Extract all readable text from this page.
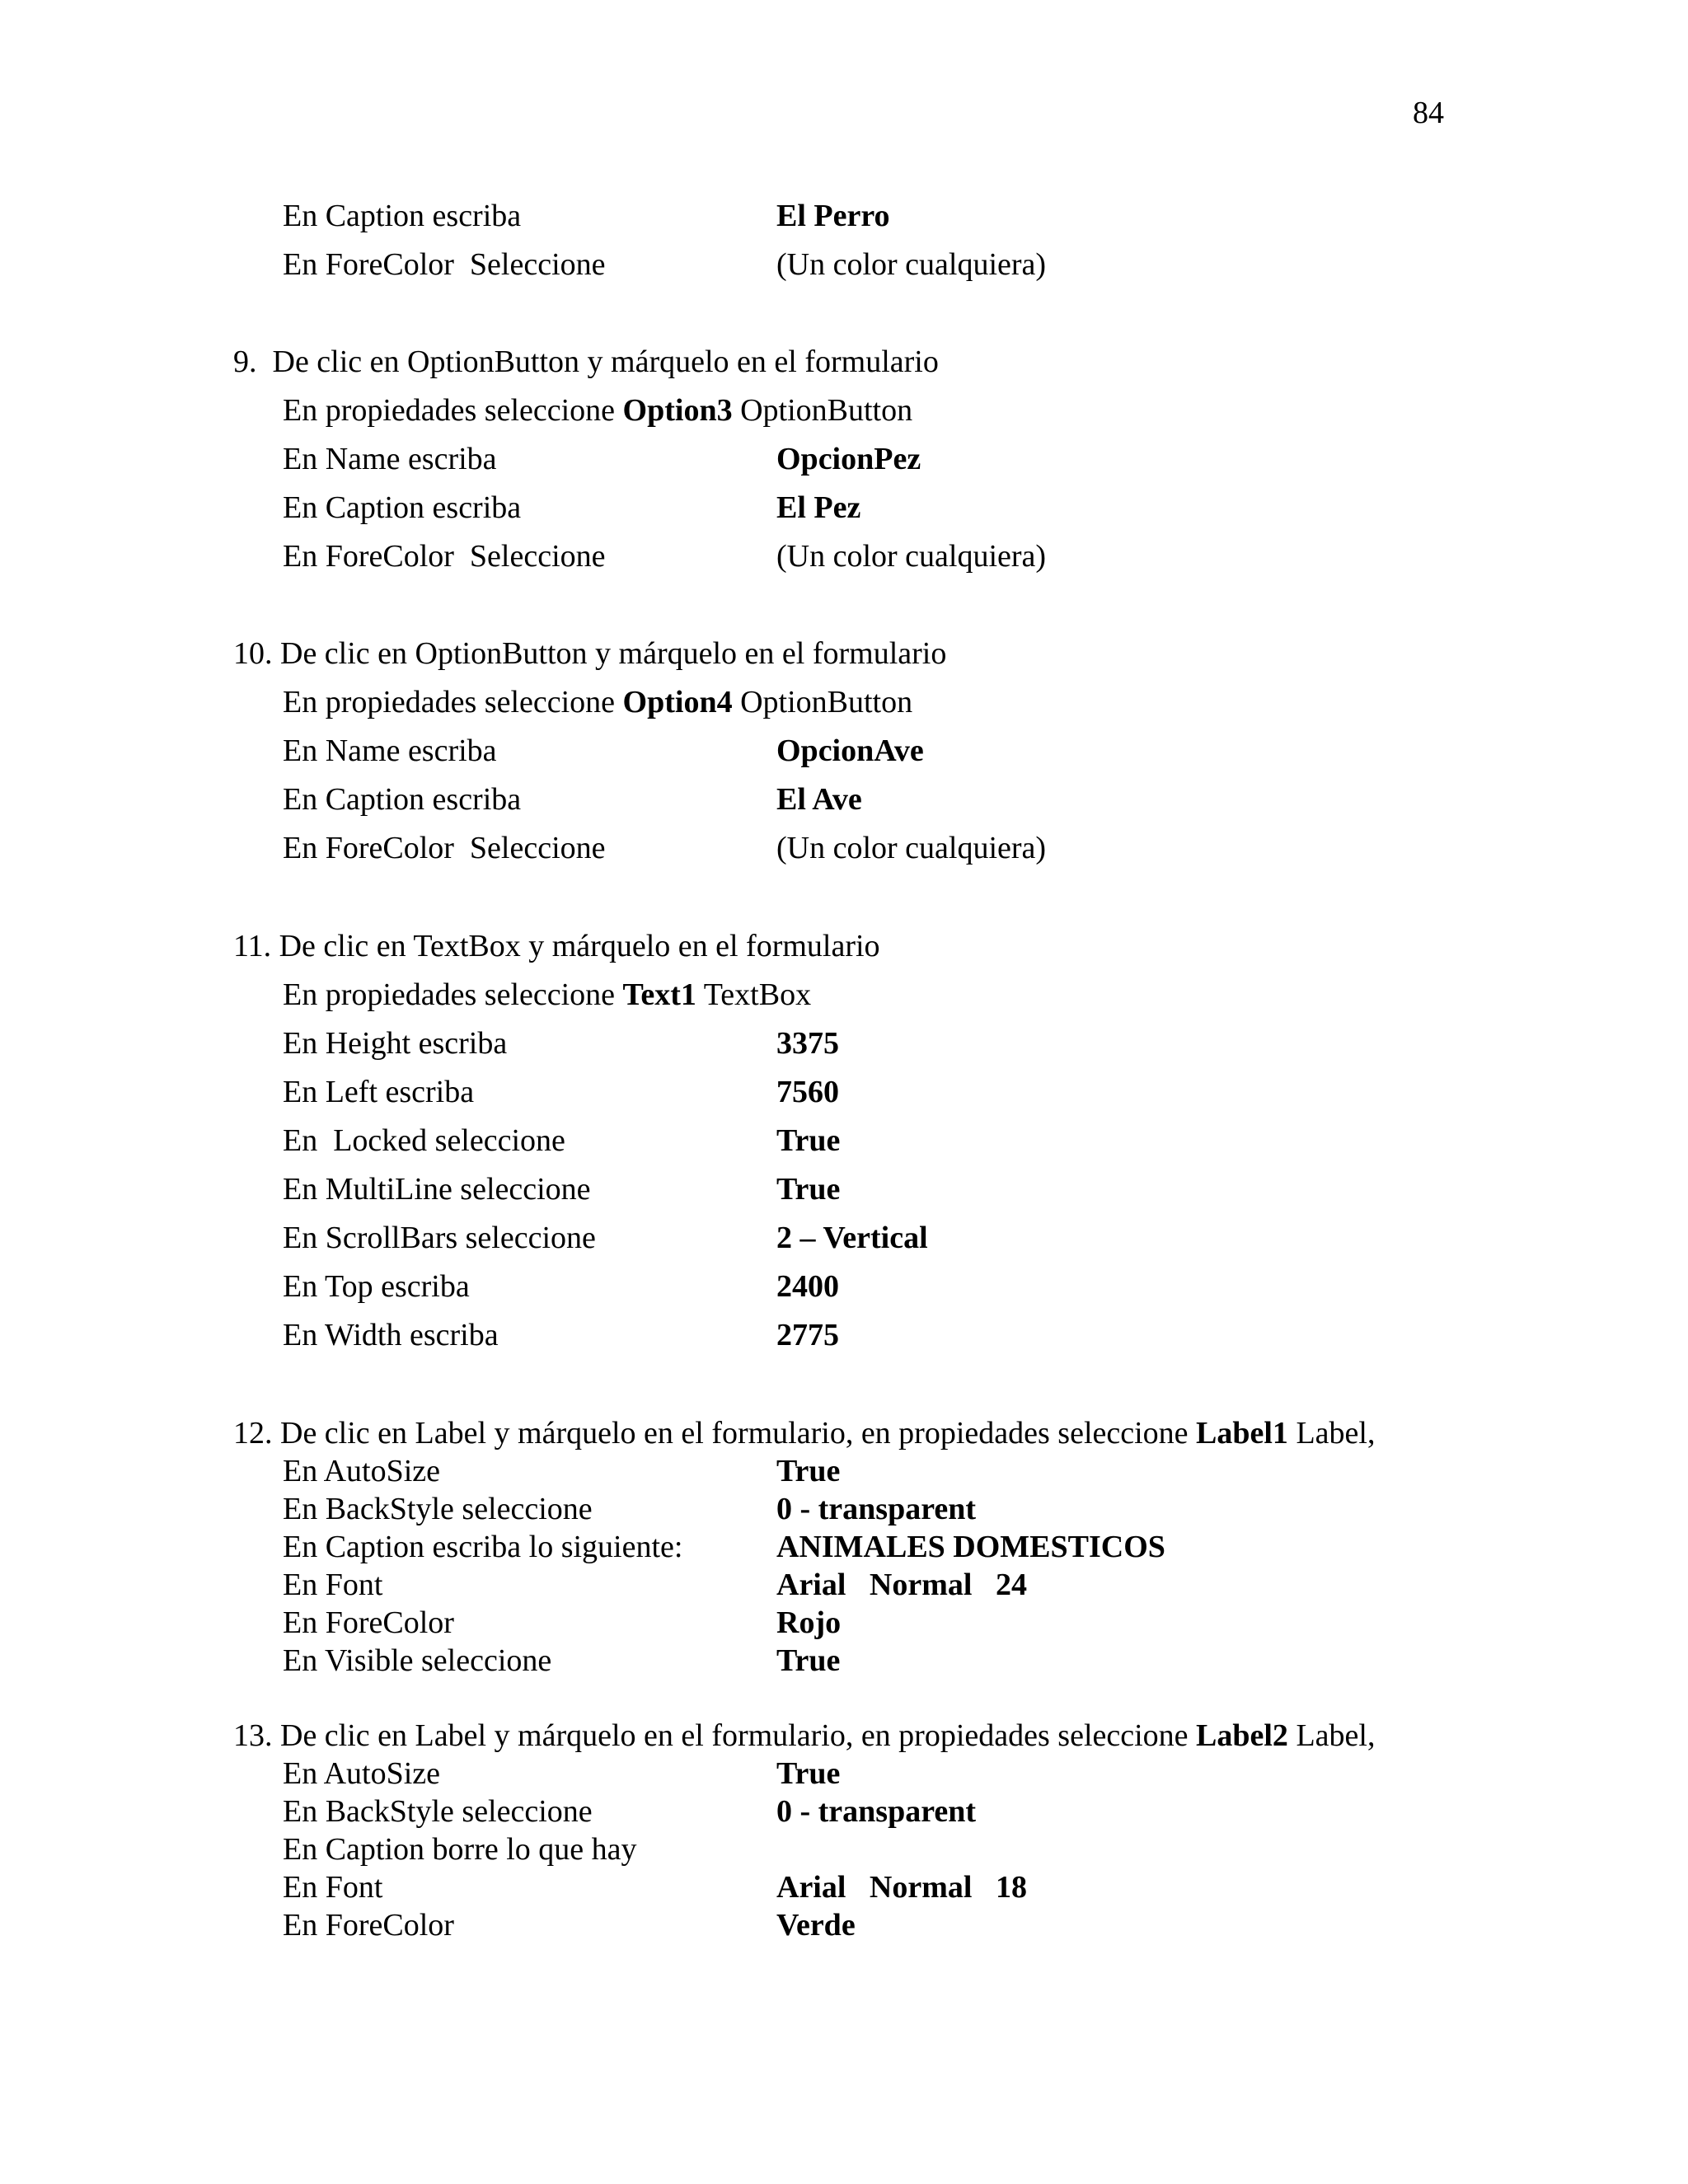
84
En Caption escriba	El Perro
En ForeColor  Seleccione	(Un color cualquiera)
9.  De clic en OptionButton y márquelo en el formulario
En propiedades seleccione Option3 OptionButton
En Name escriba	OpcionPez
En Caption escriba	El Pez
En ForeColor  Seleccione	(Un color cualquiera)
10. De clic en OptionButton y márquelo en el formulario
En propiedades seleccione Option4 OptionButton
En Name escriba	OpcionAve
En Caption escriba	El Ave
En ForeColor  Seleccione	(Un color cualquiera)
11. De clic en TextBox y márquelo en el formulario
En propiedades seleccione Text1 TextBox
En Height escriba	3375
En Left escriba	7560
En  Locked seleccione	True
En MultiLine seleccione	True
En ScrollBars seleccione	2 – Vertical
En Top escriba	2400
En Width escriba	2775
12. De clic en Label y márquelo en el formulario, en propiedades seleccione Label1 Label,
En AutoSize	True
En BackStyle seleccione	0 - transparent
En Caption escriba lo siguiente:	ANIMALES DOMESTICOS
En Font	Arial   Normal   24
En ForeColor	Rojo
En Visible seleccione	True
13. De clic en Label y márquelo en el formulario, en propiedades seleccione Label2 Label,
En AutoSize	True
En BackStyle seleccione	0 - transparent
En Caption borre lo que hay
En Font	Arial   Normal   18
En ForeColor	Verde
